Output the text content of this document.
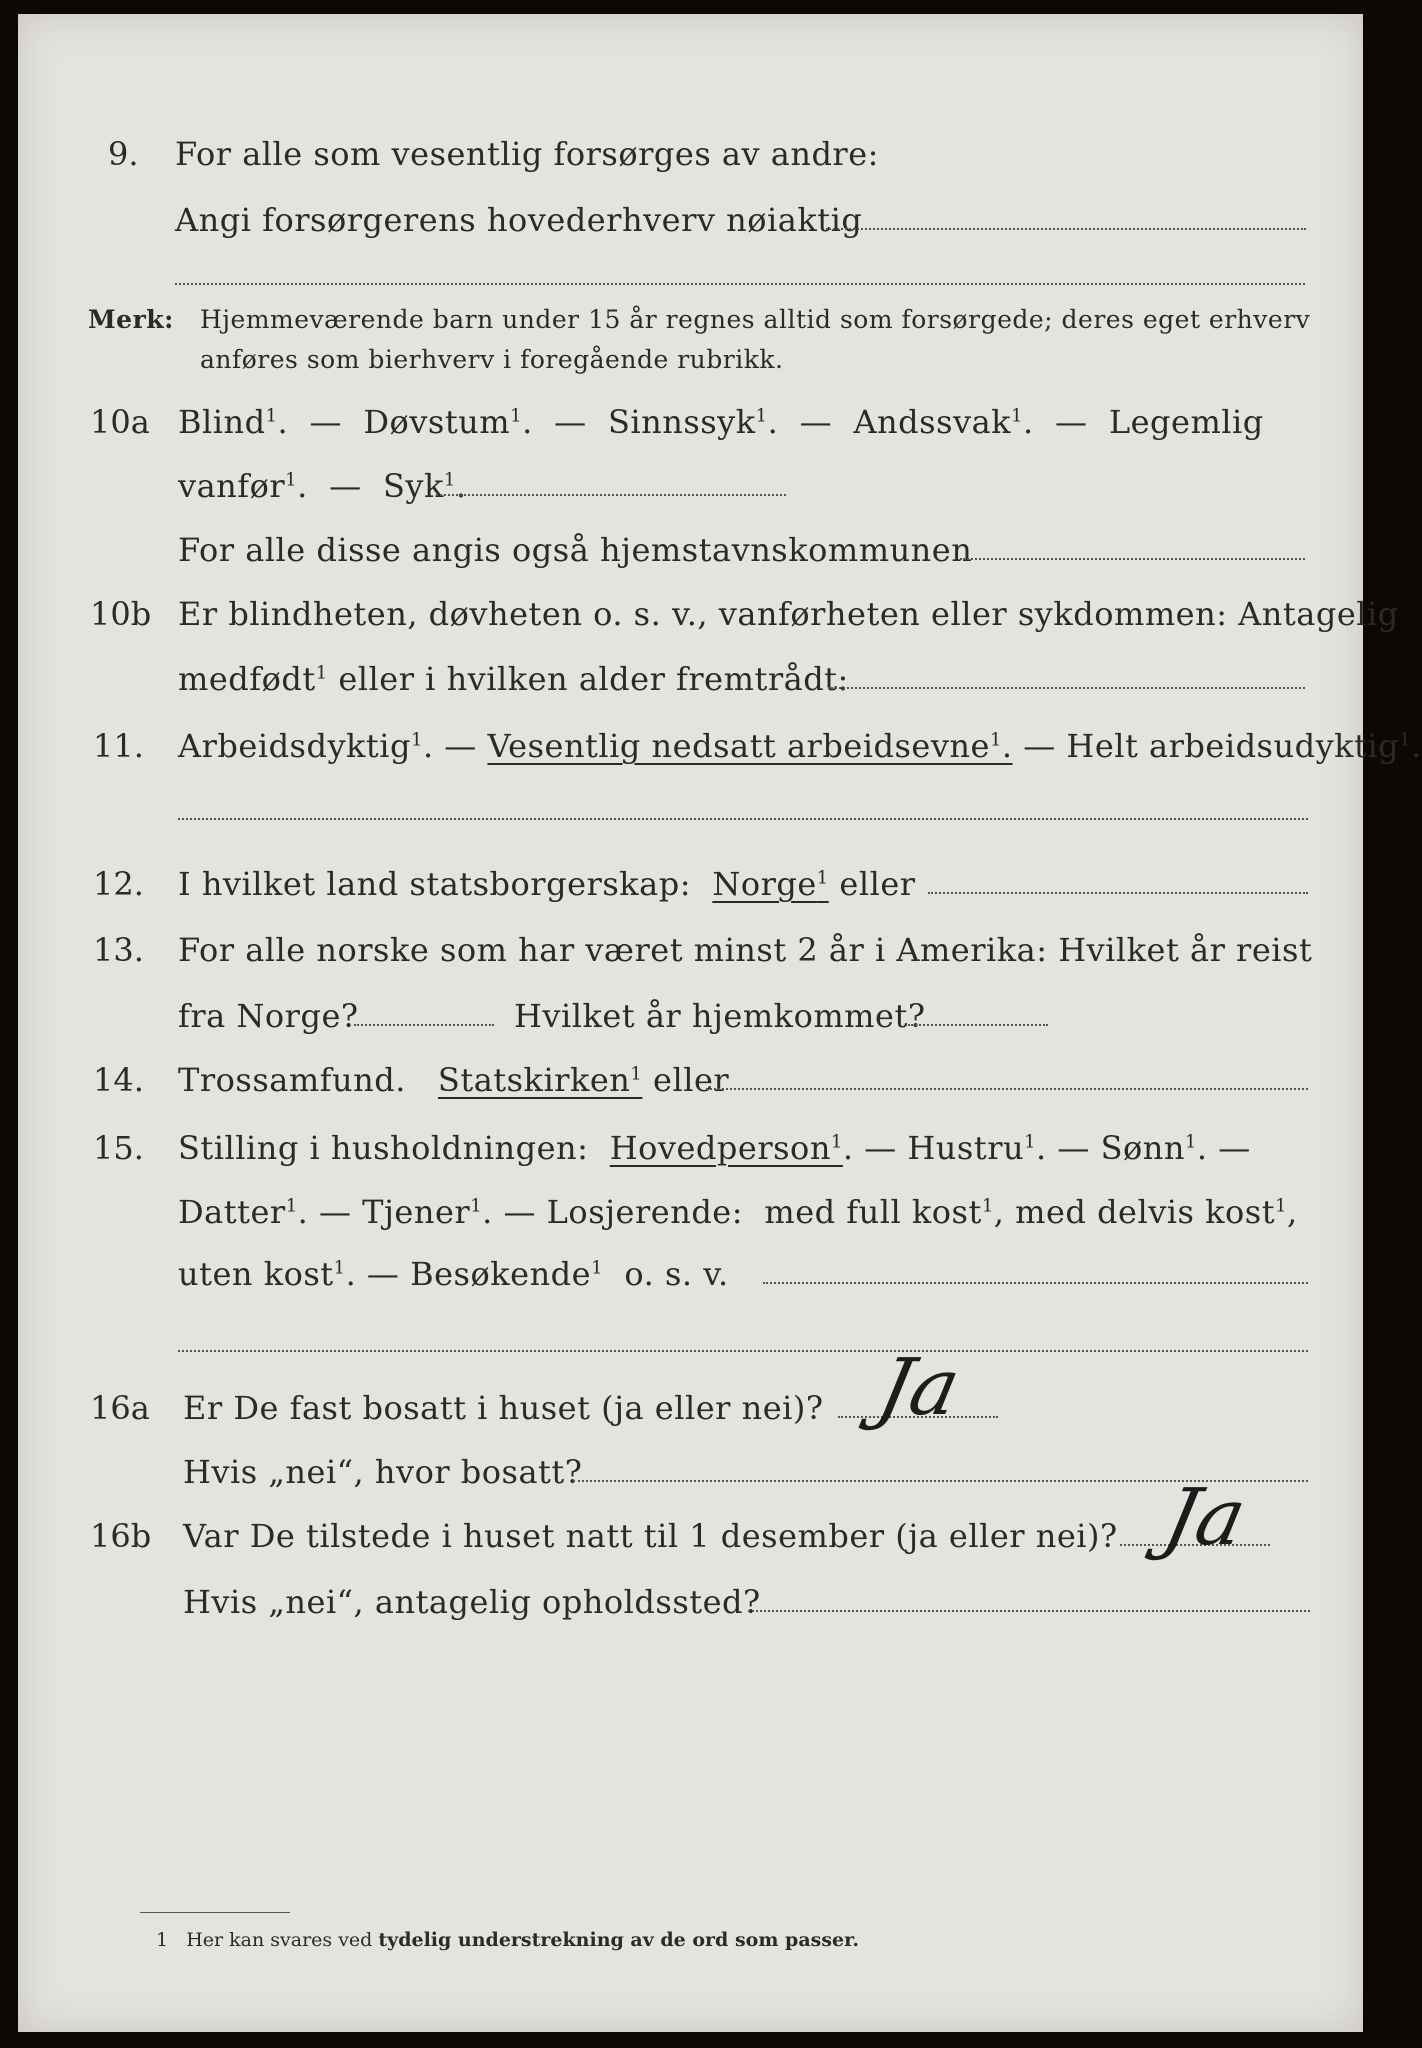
9. For alle som vesentlig forsørges av andre:
Angi forsørgerens hovederhverv nøiaktig
Merk: Hjemmeværende barn under 15 år regnes alltid som forsørgede; deres eget erhverv
anføres som bierhverv i foregående rubrikk.
10a Blind$^1$. — Døvstum$^1$. — Sinnssyk$^1$. — Andssvak$^1$. — Legemlig
vanfør$^1$. — Syk$^1$.
For alle disse angis også hjemstavnskommunen
10b Er blindheten, døvheten o. s. v., vanførheten eller sykdommen: Antagelig
medfødt$^1$ eller i hvilken alder fremtrådt:
11. Arbeidsdyktig$^1$. — Vesentlig nedsatt arbeidsevne$^1$. — Helt arbeidsudyktig$^1$.
12. I hvilket land statsborgerskap: Norge$^1$ eller
13. For alle norske som har været minst 2 år i Amerika: Hvilket år reist
fra Norge?	Hvilket år hjemkommet?
14. Trossamfund. Statskirken$^1$ eller
15. Stilling i husholdningen: Hovedperson$^1$. — Hustru$^1$. — Sønn$^1$. —
Datter$^1$. — Tjener$^1$. — Losjerende: med full kost$^1$, med delvis kost$^1$,
uten kost$^1$. — Besøkende$^1$ o. s. v.
16a Er De fast bosatt i huset (ja eller nei)? Ja
Hvis „nei“, hvor bosatt?
16b Var De tilstede i huset natt til 1 desember (ja eller nei)? Ja
Hvis „nei“, antagelig opholdssted?
1 Her kan svares ved tydelig understrekning av de ord som passer.
